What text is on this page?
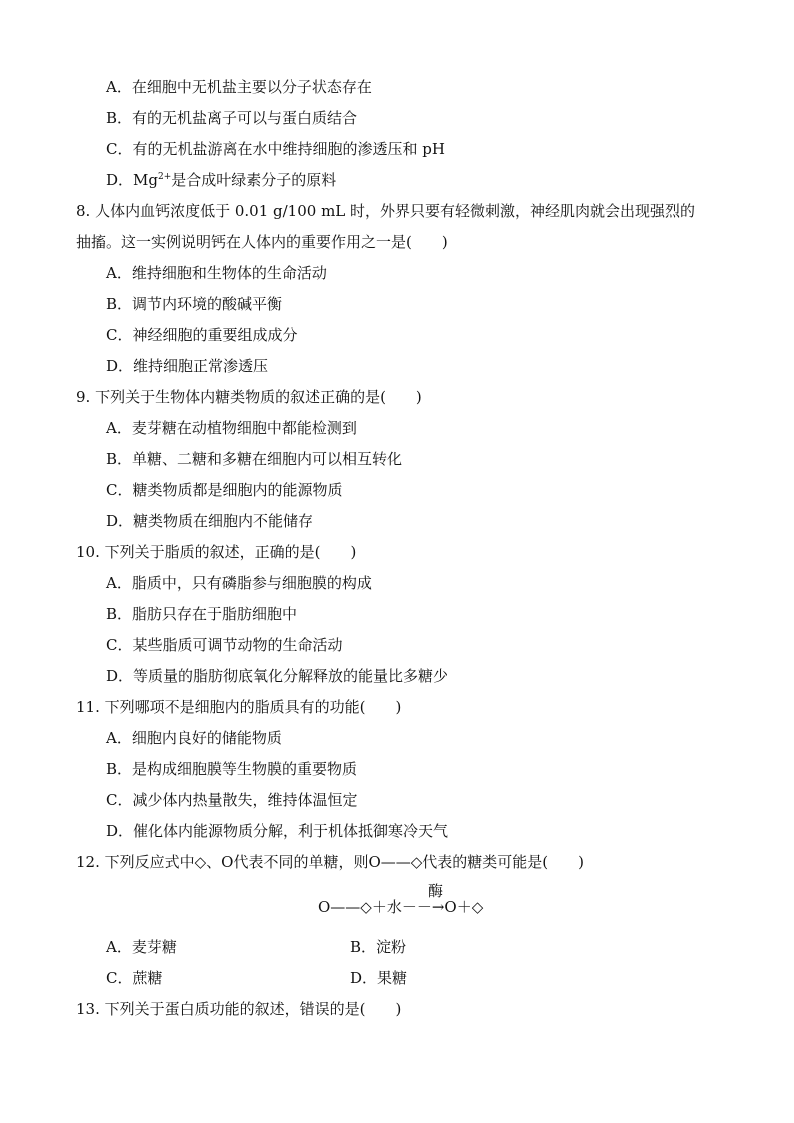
A．在细胞中无机盐主要以分子状态存在
B．有的无机盐离子可以与蛋白质结合
C．有的无机盐游离在水中维持细胞的渗透压和 pH
D．$Mg^{2+}$是合成叶绿素分子的原料
8. 人体内血钙浓度低于 0.01 g/100 mL 时，外界只要有轻微刺激，神经肌肉就会出现强烈的
抽搐。这一实例说明钙在人体内的重要作用之一是(　　)
A．维持细胞和生物体的生命活动
B．调节内环境的酸碱平衡
C．神经细胞的重要组成成分
D．维持细胞正常渗透压
9. 下列关于生物体内糖类物质的叙述正确的是(　　)
A．麦芽糖在动植物细胞中都能检测到
B．单糖、二糖和多糖在细胞内可以相互转化
C．糖类物质都是细胞内的能源物质
D．糖类物质在细胞内不能储存
10. 下列关于脂质的叙述，正确的是(　　)
A．脂质中，只有磷脂参与细胞膜的构成
B．脂肪只存在于脂肪细胞中
C．某些脂质可调节动物的生命活动
D．等质量的脂肪彻底氧化分解释放的能量比多糖少
11. 下列哪项不是细胞内的脂质具有的功能(　　)
A．细胞内良好的储能物质
B．是构成细胞膜等生物膜的重要物质
C．减少体内热量散失，维持体温恒定
D．催化体内能源物质分解，利于机体抵御寒冷天气
12. 下列反应式中◇、O代表不同的单糖，则O——◇代表的糖类可能是(　　)
酶
O——◇＋水－－→O＋◇
A．麦芽糖	B．淀粉
C．蔗糖	D．果糖
13. 下列关于蛋白质功能的叙述，错误的是(　　)
